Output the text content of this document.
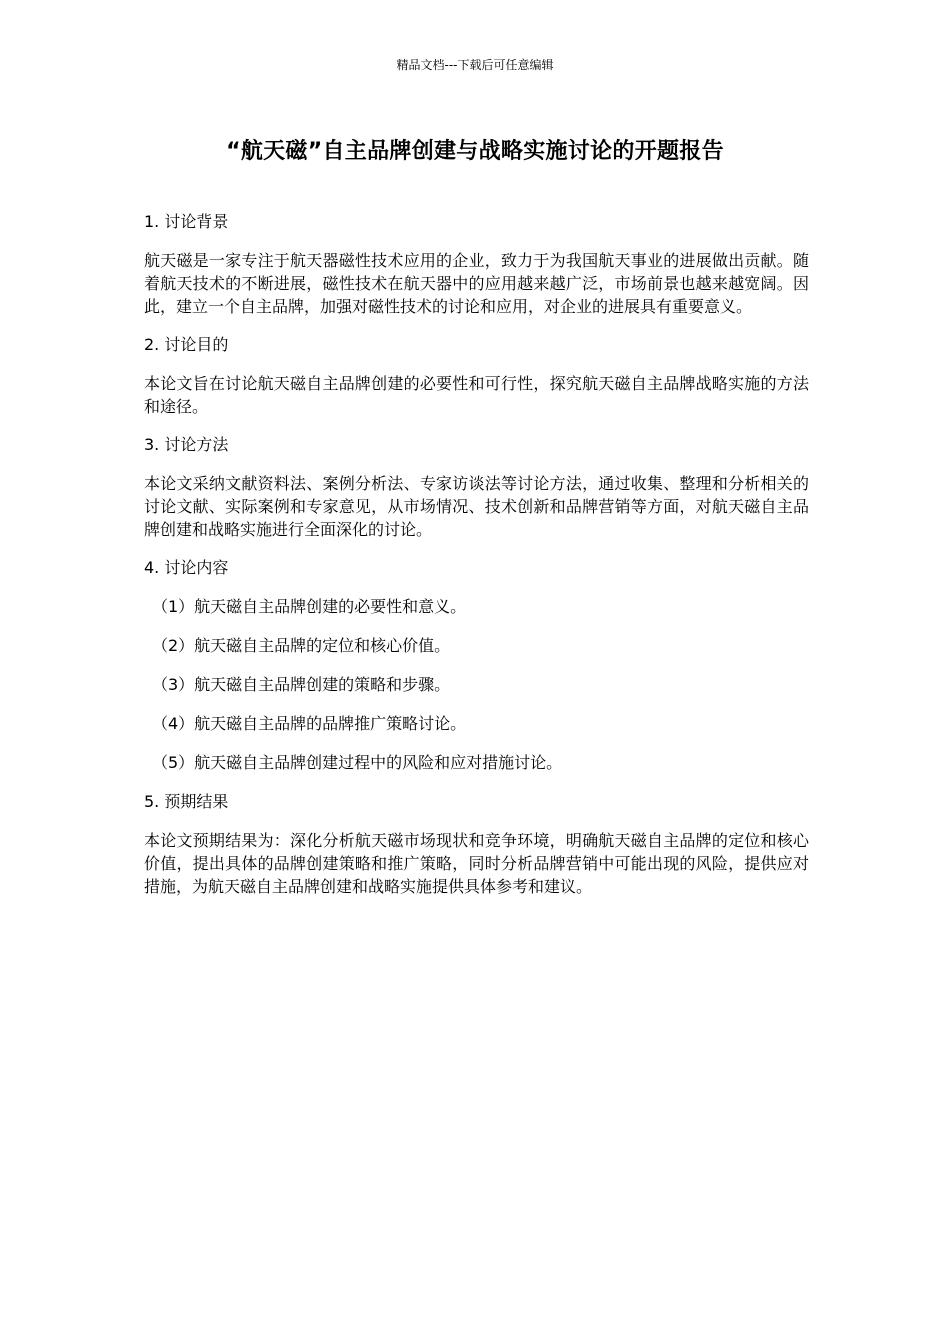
精品文档---下载后可任意编辑
“航天磁”自主品牌创建与战略实施讨论的开题报告
1. 讨论背景
航天磁是一家专注于航天器磁性技术应用的企业，致力于为我国航天事业的进展做出贡献。随着航天技术的不断进展，磁性技术在航天器中的应用越来越广泛，市场前景也越来越宽阔。因此，建立一个自主品牌，加强对磁性技术的讨论和应用，对企业的进展具有重要意义。
2. 讨论目的
本论文旨在讨论航天磁自主品牌创建的必要性和可行性，探究航天磁自主品牌战略实施的方法和途径。
3. 讨论方法
本论文采纳文献资料法、案例分析法、专家访谈法等讨论方法，通过收集、整理和分析相关的讨论文献、实际案例和专家意见，从市场情况、技术创新和品牌营销等方面，对航天磁自主品牌创建和战略实施进行全面深化的讨论。
4. 讨论内容
（1）航天磁自主品牌创建的必要性和意义。
（2）航天磁自主品牌的定位和核心价值。
（3）航天磁自主品牌创建的策略和步骤。
（4）航天磁自主品牌的品牌推广策略讨论。
（5）航天磁自主品牌创建过程中的风险和应对措施讨论。
5. 预期结果
本论文预期结果为：深化分析航天磁市场现状和竞争环境，明确航天磁自主品牌的定位和核心价值，提出具体的品牌创建策略和推广策略，同时分析品牌营销中可能出现的风险，提供应对措施，为航天磁自主品牌创建和战略实施提供具体参考和建议。
